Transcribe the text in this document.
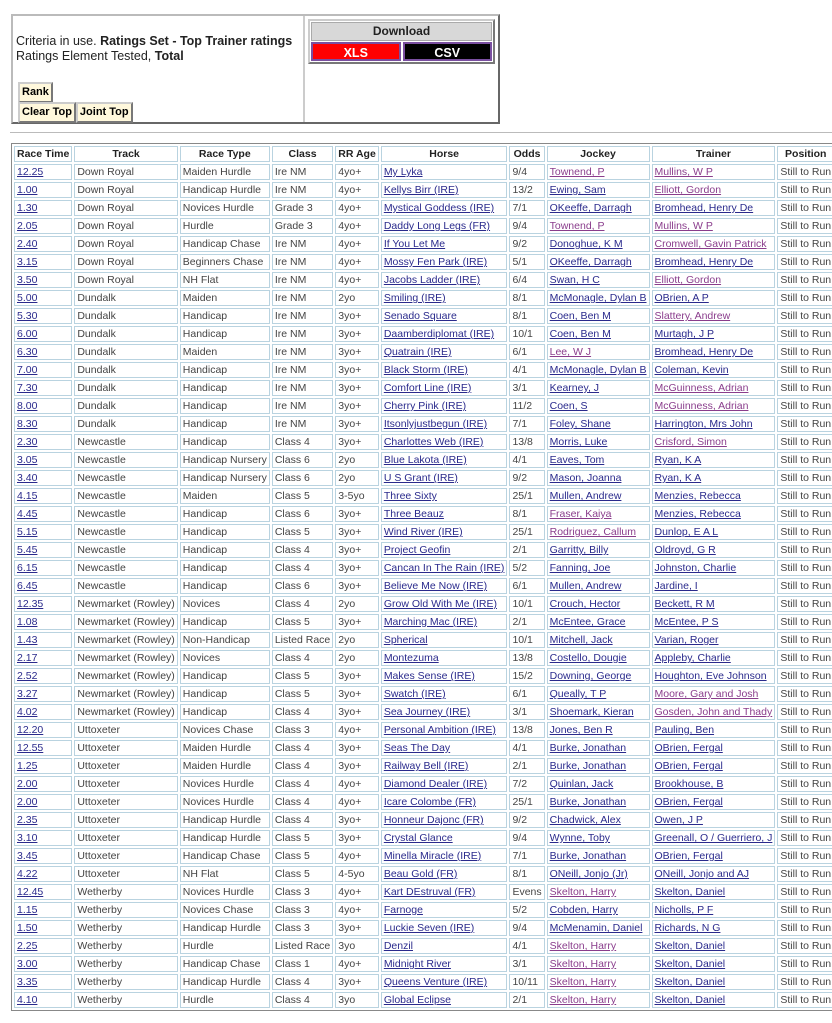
Criteria in use. Ratings Set - Top Trainer ratings
Ratings Element Tested, Total
Rank
Clear Top Joint Top
Download
XLS	CSV
Race Time	Track	Race Type	Class	RR Age	Horse	Odds	Jockey	Trainer	Position
12.25	Down Royal	Maiden Hurdle	Ire NM	4yo+	My Lyka	9/4	Townend, P	Mullins, W P	Still to Run
1.00	Down Royal	Handicap Hurdle	Ire NM	4yo+	Kellys Birr (IRE)	13/2	Ewing, Sam	Elliott, Gordon	Still to Run
1.30	Down Royal	Novices Hurdle	Grade 3	4yo+	Mystical Goddess (IRE)	7/1	OKeeffe, Darragh	Bromhead, Henry De	Still to Run
2.05	Down Royal	Hurdle	Grade 3	4yo+	Daddy Long Legs (FR)	9/4	Townend, P	Mullins, W P	Still to Run
2.40	Down Royal	Handicap Chase	Ire NM	4yo+	If You Let Me	9/2	Donoghue, K M	Cromwell, Gavin Patrick	Still to Run
3.15	Down Royal	Beginners Chase	Ire NM	4yo+	Mossy Fen Park (IRE)	5/1	OKeeffe, Darragh	Bromhead, Henry De	Still to Run
3.50	Down Royal	NH Flat	Ire NM	4yo+	Jacobs Ladder (IRE)	6/4	Swan, H C	Elliott, Gordon	Still to Run
5.00	Dundalk	Maiden	Ire NM	2yo	Smiling (IRE)	8/1	McMonagle, Dylan B	OBrien, A P	Still to Run
5.30	Dundalk	Handicap	Ire NM	3yo+	Senado Square	8/1	Coen, Ben M	Slattery, Andrew	Still to Run
6.00	Dundalk	Handicap	Ire NM	3yo+	Daamberdiplomat (IRE)	10/1	Coen, Ben M	Murtagh, J P	Still to Run
6.30	Dundalk	Maiden	Ire NM	3yo+	Quatrain (IRE)	6/1	Lee, W J	Bromhead, Henry De	Still to Run
7.00	Dundalk	Handicap	Ire NM	3yo+	Black Storm (IRE)	4/1	McMonagle, Dylan B	Coleman, Kevin	Still to Run
7.30	Dundalk	Handicap	Ire NM	3yo+	Comfort Line (IRE)	3/1	Kearney, J	McGuinness, Adrian	Still to Run
8.00	Dundalk	Handicap	Ire NM	3yo+	Cherry Pink (IRE)	11/2	Coen, S	McGuinness, Adrian	Still to Run
8.30	Dundalk	Handicap	Ire NM	3yo+	Itsonlyjustbegun (IRE)	7/1	Foley, Shane	Harrington, Mrs John	Still to Run
2.30	Newcastle	Handicap	Class 4	3yo+	Charlottes Web (IRE)	13/8	Morris, Luke	Crisford, Simon	Still to Run
3.05	Newcastle	Handicap Nursery	Class 6	2yo	Blue Lakota (IRE)	4/1	Eaves, Tom	Ryan, K A	Still to Run
3.40	Newcastle	Handicap Nursery	Class 6	2yo	U S Grant (IRE)	9/2	Mason, Joanna	Ryan, K A	Still to Run
4.15	Newcastle	Maiden	Class 5	3-5yo	Three Sixty	25/1	Mullen, Andrew	Menzies, Rebecca	Still to Run
4.45	Newcastle	Handicap	Class 6	3yo+	Three Beauz	8/1	Fraser, Kaiya	Menzies, Rebecca	Still to Run
5.15	Newcastle	Handicap	Class 5	3yo+	Wind River (IRE)	25/1	Rodriguez, Callum	Dunlop, E A L	Still to Run
5.45	Newcastle	Handicap	Class 4	3yo+	Project Geofin	2/1	Garritty, Billy	Oldroyd, G R	Still to Run
6.15	Newcastle	Handicap	Class 4	3yo+	Cancan In The Rain (IRE)	5/2	Fanning, Joe	Johnston, Charlie	Still to Run
6.45	Newcastle	Handicap	Class 6	3yo+	Believe Me Now (IRE)	6/1	Mullen, Andrew	Jardine, I	Still to Run
12.35	Newmarket (Rowley)	Novices	Class 4	2yo	Grow Old With Me (IRE)	10/1	Crouch, Hector	Beckett, R M	Still to Run
1.08	Newmarket (Rowley)	Handicap	Class 5	3yo+	Marching Mac (IRE)	2/1	McEntee, Grace	McEntee, P S	Still to Run
1.43	Newmarket (Rowley)	Non-Handicap	Listed Race	2yo	Spherical	10/1	Mitchell, Jack	Varian, Roger	Still to Run
2.17	Newmarket (Rowley)	Novices	Class 4	2yo	Montezuma	13/8	Costello, Dougie	Appleby, Charlie	Still to Run
2.52	Newmarket (Rowley)	Handicap	Class 5	3yo+	Makes Sense (IRE)	15/2	Downing, George	Houghton, Eve Johnson	Still to Run
3.27	Newmarket (Rowley)	Handicap	Class 5	3yo+	Swatch (IRE)	6/1	Queally, T P	Moore, Gary and Josh	Still to Run
4.02	Newmarket (Rowley)	Handicap	Class 4	3yo+	Sea Journey (IRE)	3/1	Shoemark, Kieran	Gosden, John and Thady	Still to Run
12.20	Uttoxeter	Novices Chase	Class 3	4yo+	Personal Ambition (IRE)	13/8	Jones, Ben R	Pauling, Ben	Still to Run
12.55	Uttoxeter	Maiden Hurdle	Class 4	3yo+	Seas The Day	4/1	Burke, Jonathan	OBrien, Fergal	Still to Run
1.25	Uttoxeter	Maiden Hurdle	Class 4	3yo+	Railway Bell (IRE)	2/1	Burke, Jonathan	OBrien, Fergal	Still to Run
2.00	Uttoxeter	Novices Hurdle	Class 4	4yo+	Diamond Dealer (IRE)	7/2	Quinlan, Jack	Brookhouse, B	Still to Run
2.00	Uttoxeter	Novices Hurdle	Class 4	4yo+	Icare Colombe (FR)	25/1	Burke, Jonathan	OBrien, Fergal	Still to Run
2.35	Uttoxeter	Handicap Hurdle	Class 4	3yo+	Honneur Dajonc (FR)	9/2	Chadwick, Alex	Owen, J P	Still to Run
3.10	Uttoxeter	Handicap Hurdle	Class 5	3yo+	Crystal Glance	9/4	Wynne, Toby	Greenall, O / Guerriero, J	Still to Run
3.45	Uttoxeter	Handicap Chase	Class 5	4yo+	Minella Miracle (IRE)	7/1	Burke, Jonathan	OBrien, Fergal	Still to Run
4.22	Uttoxeter	NH Flat	Class 5	4-5yo	Beau Gold (FR)	8/1	ONeill, Jonjo (Jr)	ONeill, Jonjo and AJ	Still to Run
12.45	Wetherby	Novices Hurdle	Class 3	4yo+	Kart DEstruval (FR)	Evens	Skelton, Harry	Skelton, Daniel	Still to Run
1.15	Wetherby	Novices Chase	Class 3	4yo+	Farnoge	5/2	Cobden, Harry	Nicholls, P F	Still to Run
1.50	Wetherby	Handicap Hurdle	Class 3	3yo+	Luckie Seven (IRE)	9/4	McMenamin, Daniel	Richards, N G	Still to Run
2.25	Wetherby	Hurdle	Listed Race	3yo	Denzil	4/1	Skelton, Harry	Skelton, Daniel	Still to Run
3.00	Wetherby	Handicap Chase	Class 1	4yo+	Midnight River	3/1	Skelton, Harry	Skelton, Daniel	Still to Run
3.35	Wetherby	Handicap Hurdle	Class 4	3yo+	Queens Venture (IRE)	10/11	Skelton, Harry	Skelton, Daniel	Still to Run
4.10	Wetherby	Hurdle	Class 4	3yo	Global Eclipse	2/1	Skelton, Harry	Skelton, Daniel	Still to Run
